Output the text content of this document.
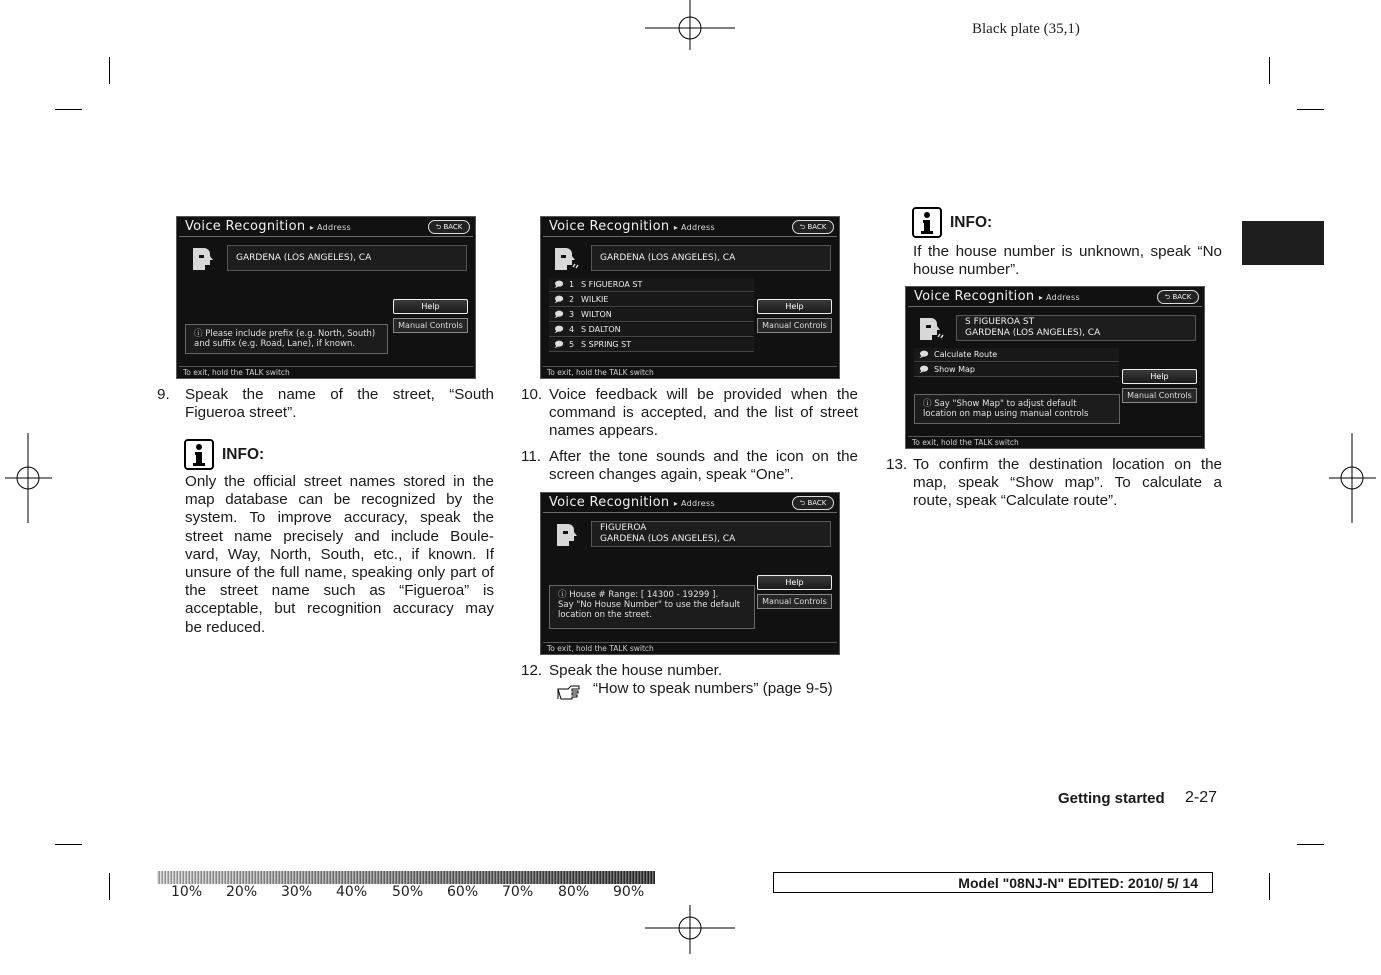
Black plate (35,1)
Voice Recognition ▸ Address	⮌ BACK
GARDENA (LOS ANGELES), CA
Help
Manual Controls
ⓘ Please include prefix (e.g. North, South)
and suffix (e.g. Road, Lane), if known.
To exit, hold the TALK switch
9. Speak the name of the street, “South
Figueroa street”.
INFO:
Only the official street names stored in the
map database can be recognized by the
system. To improve accuracy, speak the
street name precisely and include Boule-
vard, Way, North, South, etc., if known. If
unsure of the full name, speaking only part of
the street name such as “Figueroa” is
acceptable, but recognition accuracy may
be reduced.
Voice Recognition ▸ Address	⮌ BACK
GARDENA (LOS ANGELES), CA
🗩 1 S FIGUEROA ST
🗩 2 WILKIE
🗩 3 WILTON
🗩 4 S DALTON
🗩 5 S SPRING ST
Help
Manual Controls
To exit, hold the TALK switch
10. Voice feedback will be provided when the
command is accepted, and the list of street
names appears.
11. After the tone sounds and the icon on the
screen changes again, speak “One”.
Voice Recognition ▸ Address	⮌ BACK
FIGUEROA
GARDENA (LOS ANGELES), CA
Help
Manual Controls
ⓘ House # Range: [ 14300 - 19299 ].
Say "No House Number" to use the default
location on the street.
To exit, hold the TALK switch
12. Speak the house number.
“How to speak numbers” (page 9-5)
INFO:
If the house number is unknown, speak “No
house number”.
Voice Recognition ▸ Address	⮌ BACK
S FIGUEROA ST
GARDENA (LOS ANGELES), CA
🗩 Calculate Route
🗩 Show Map
Help
Manual Controls
ⓘ Say "Show Map" to adjust default
location on map using manual controls
To exit, hold the TALK switch
13. To confirm the destination location on the
map, speak “Show map”. To calculate a
route, speak “Calculate route”.
Getting started 2-27
10% 20% 30% 40% 50% 60% 70% 80% 90%
Model "08NJ-N" EDITED: 2010/ 5/ 14
